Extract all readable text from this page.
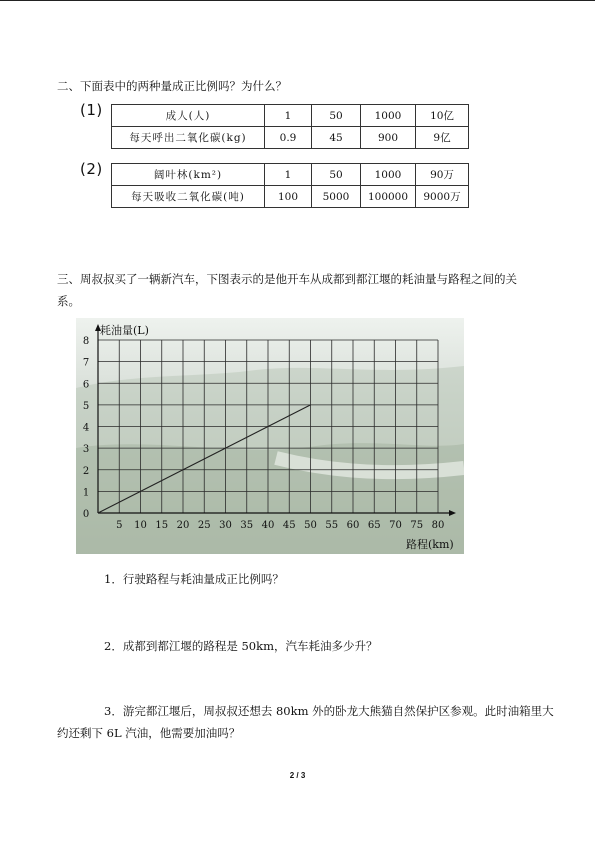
二、下面表中的两种量成正比例吗？为什么？
(1)	成人(人)	1	50	1000	10亿
每天呼出二氧化碳(kg)	0.9	45	900	9亿
(2)	阔叶林(km²)	1	50	1000	90万
每天吸收二氧化碳(吨)	100	5000	100000	9000万
三、周叔叔买了一辆新汽车，下图表示的是他开车从成都到都江堰的耗油量与路程之间的关
系。
5 10 15 20 25 30 35 40 45 50 55 60 65 70 75 80
0
1
2
3
4
5
6
7
8
耗油量(L)
路程(km)
1．行驶路程与耗油量成正比例吗？
2．成都到都江堰的路程是 50km，汽车耗油多少升？
3．游完都江堰后，周叔叔还想去 80km 外的卧龙大熊猫自然保护区参观。此时油箱里大
约还剩下 6L 汽油，他需要加油吗？
2 / 3
